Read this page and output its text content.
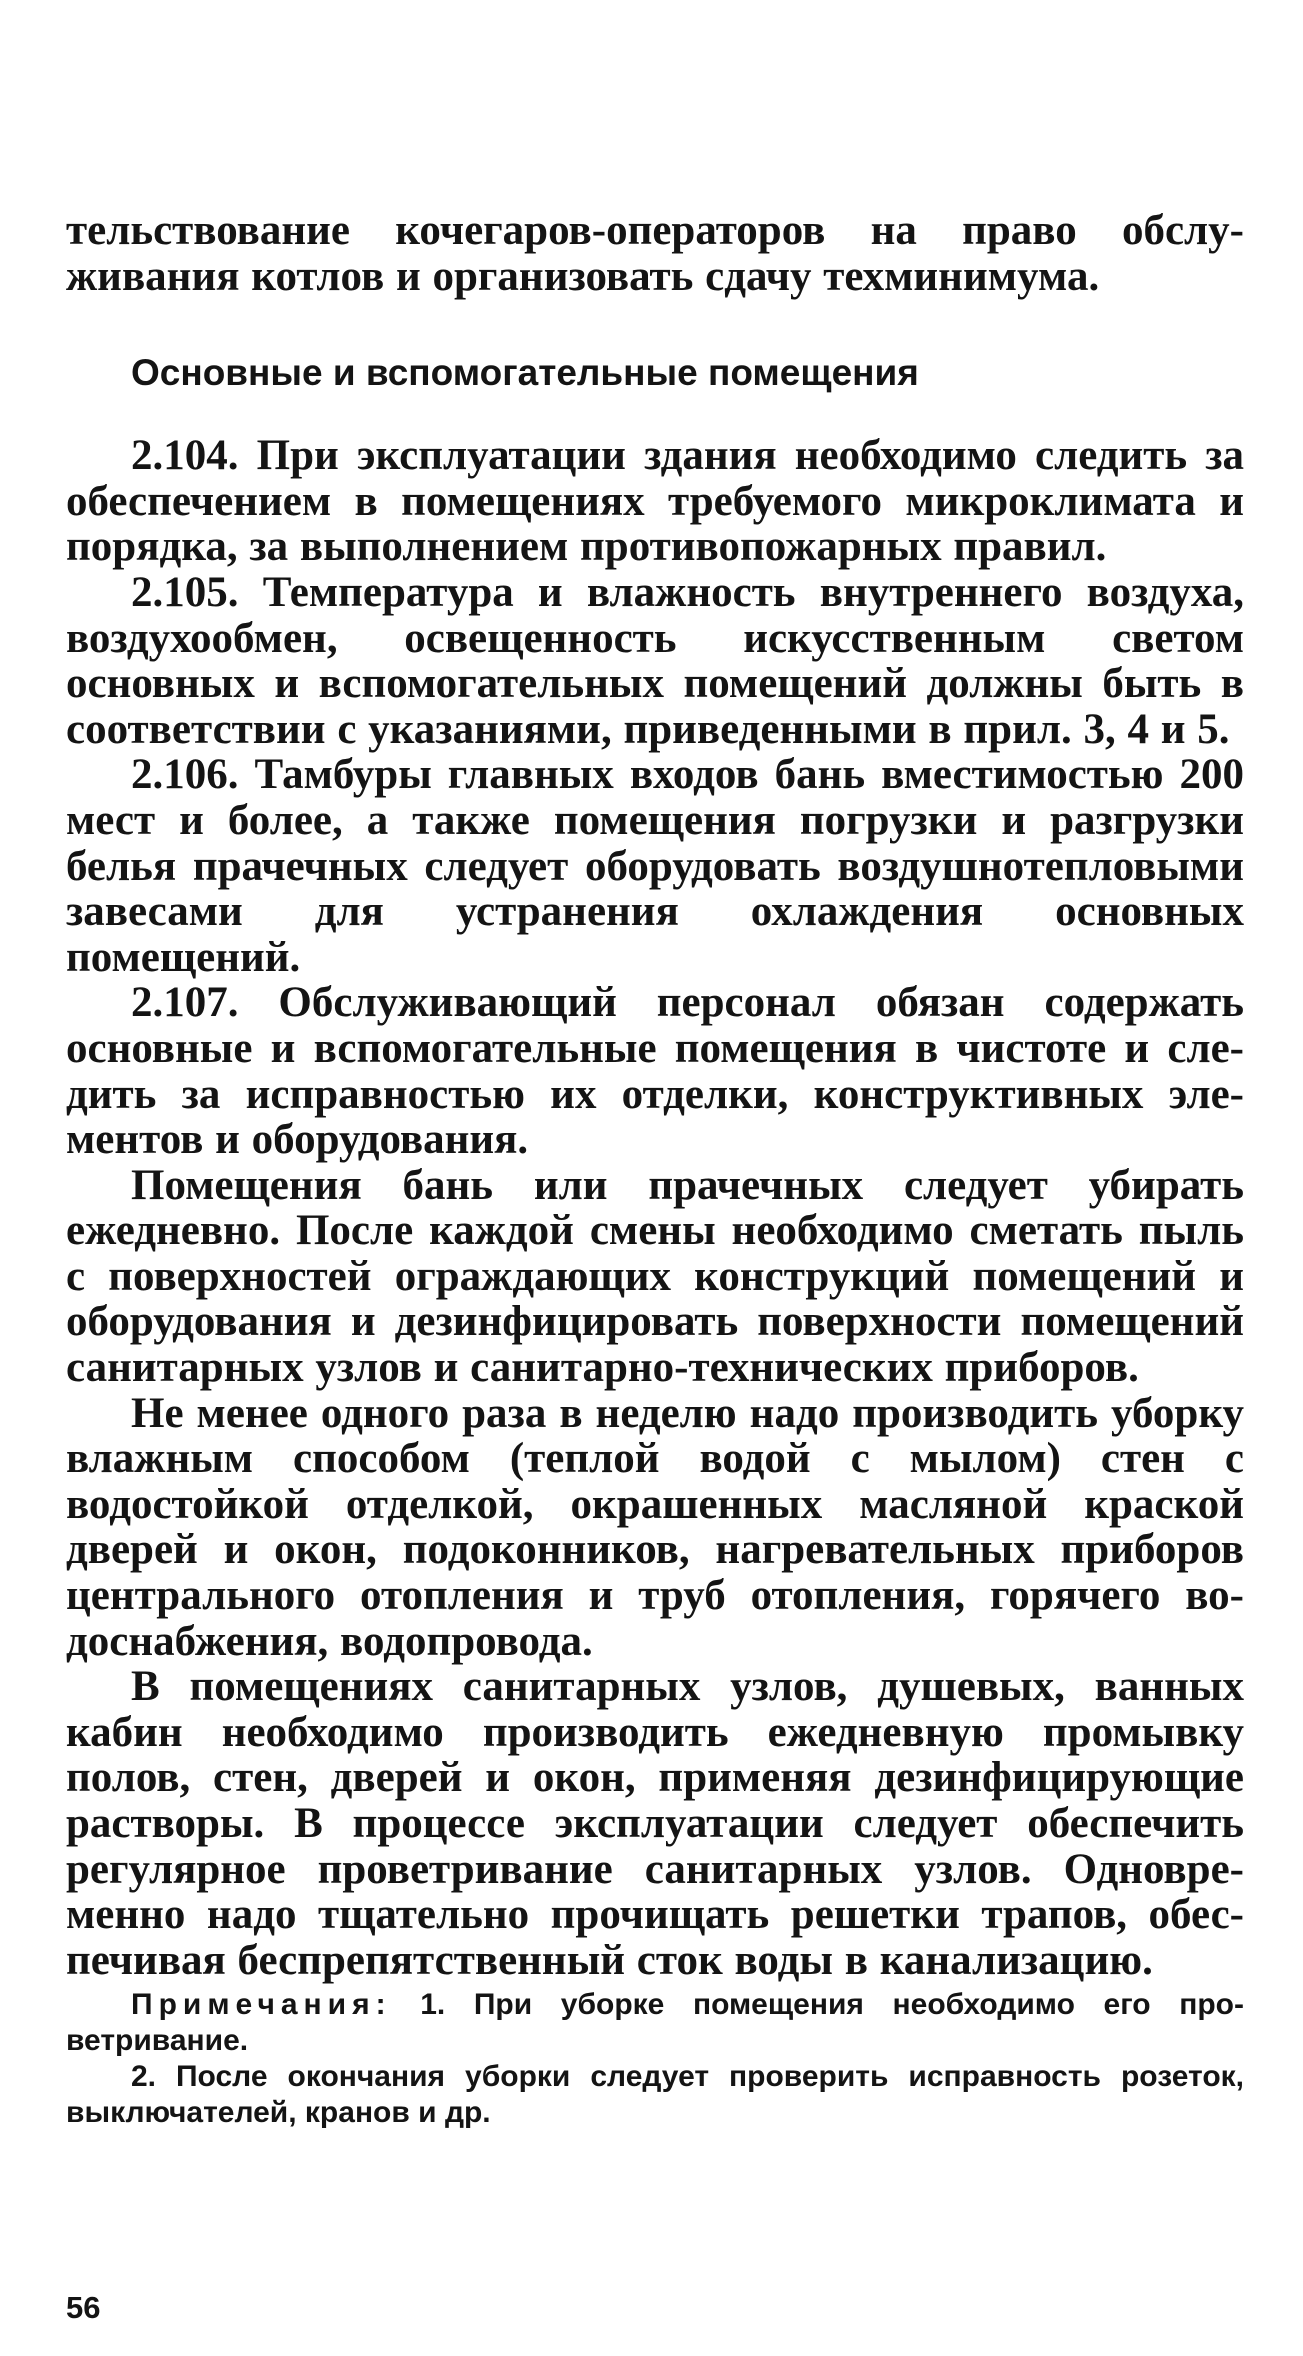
тельствование кочегаров-операторов на право обслуживания котлов и организовать сдачу техминимума.

Основные и вспомогательные помещения

2.104. При эксплуатации здания необходимо следить за обеспечением в помещениях требуемого микроклимата и порядка, за выполнением противопожарных правил.

2.105. Температура и влажность внутреннего воздуха, воздухообмен, освещенность искусственным светом основных и вспомогательных помещений должны быть в соответствии с указаниями, приведенными в прил. 3, 4 и 5.

2.106. Тамбуры главных входов бань вместимостью 200 мест и более, а также помещения погрузки и разгрузки белья прачечных следует оборудовать воздушнотепловыми завесами для устранения охлаждения основных помещений.

2.107. Обслуживающий персонал обязан содержать основные и вспомогательные помещения в чистоте и следить за исправностью их отделки, конструктивных элементов и оборудования.

Помещения бань или прачечных следует убирать ежедневно. После каждой смены необходимо сметать пыль с поверхностей ограждающих конструкций помещений и оборудования и дезинфицировать поверхности помещений санитарных узлов и санитарно-технических приборов.

Не менее одного раза в неделю надо производить уборку влажным способом (теплой водой с мылом) стен с водостойкой отделкой, окрашенных масляной краской дверей и окон, подоконников, нагревательных приборов центрального отопления и труб отопления, горячего водоснабжения, водопровода.

В помещениях санитарных узлов, душевых, ванных кабин необходимо производить ежедневную промывку полов, стен, дверей и окон, применяя дезинфицирующие растворы. В процессе эксплуатации следует обеспечить регулярное проветривание санитарных узлов. Одновременно надо тщательно прочищать решетки трапов, обеспечивая беспрепятственный сток воды в канализацию.

Примечания: 1. При уборке помещения необходимо его проветривание.

2. После окончания уборки следует проверить исправность розеток, выключателей, кранов и др.

56
